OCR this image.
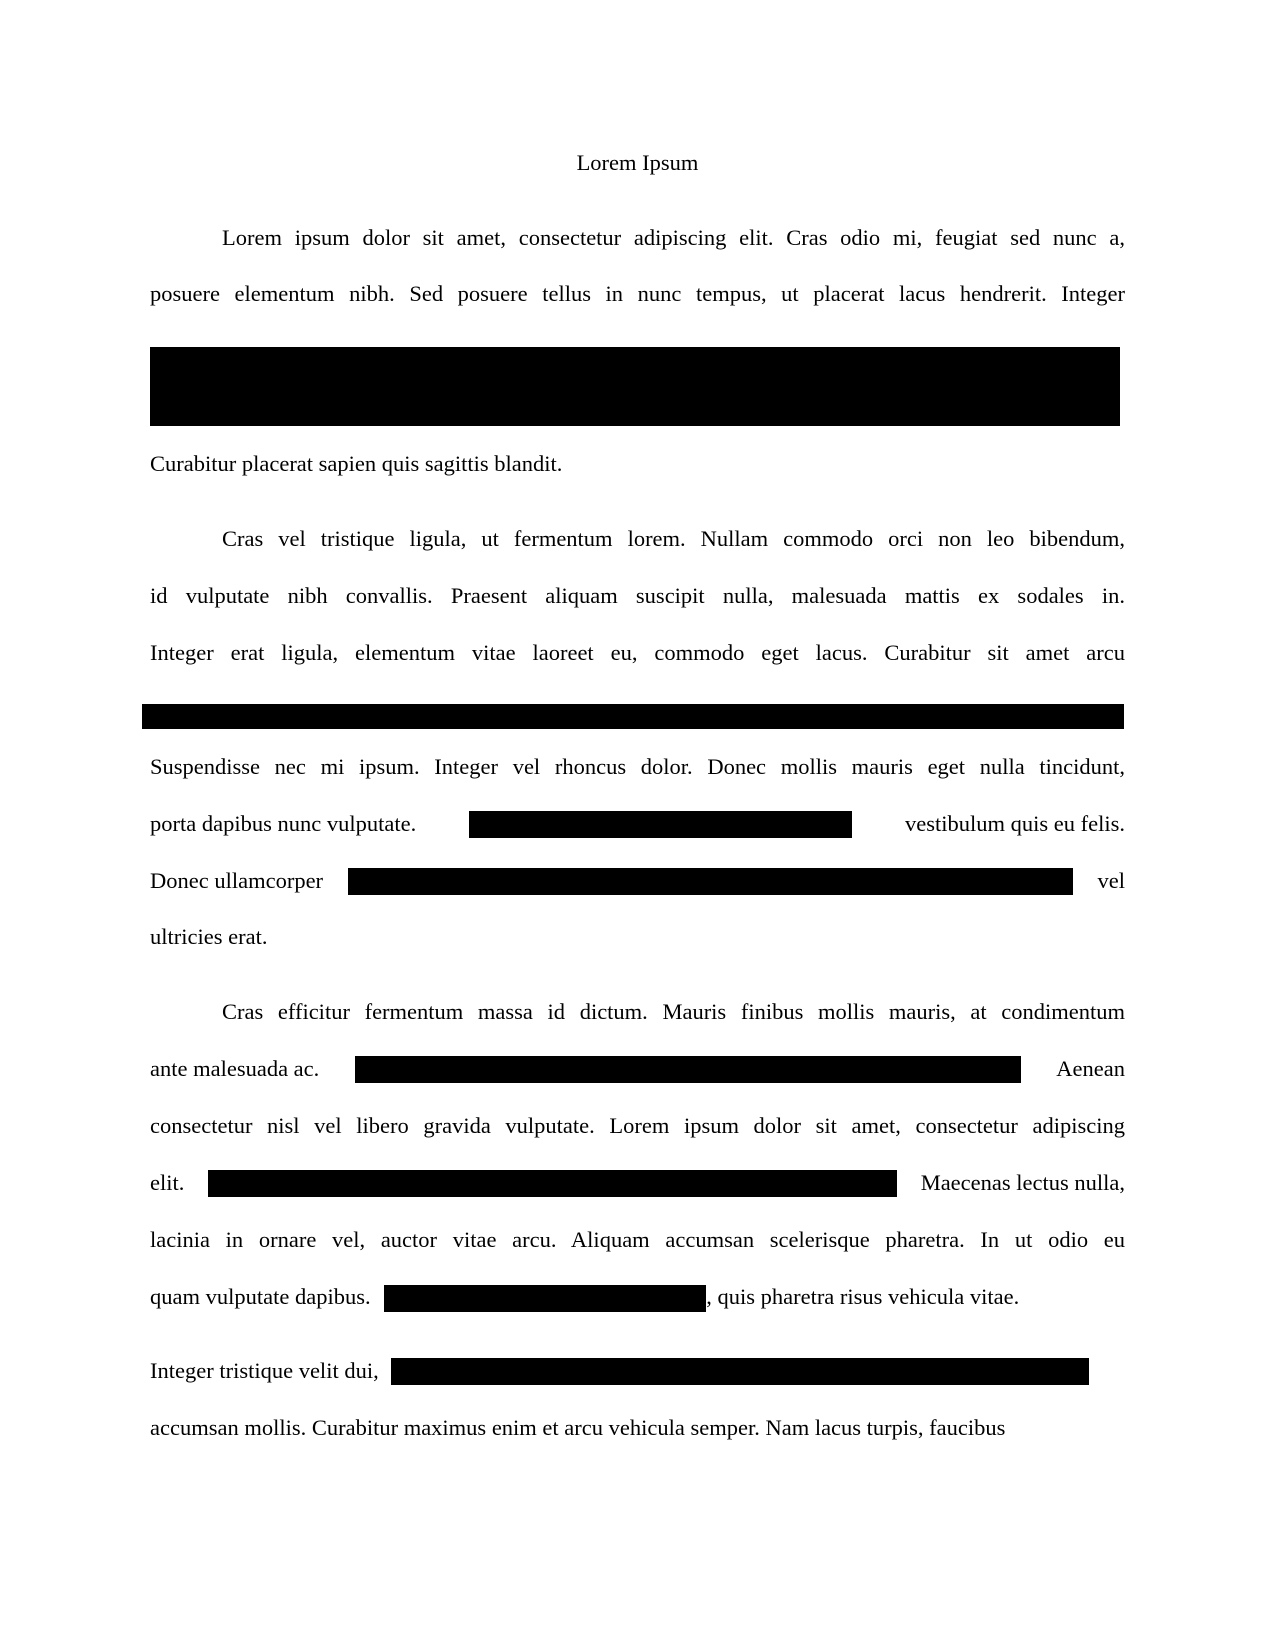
Lorem Ipsum
Lorem ipsum dolor sit amet, consectetur adipiscing elit. Cras odio mi, feugiat sed nunc a,
posuere elementum nibh. Sed posuere tellus in nunc tempus, ut placerat lacus hendrerit. Integer
Curabitur placerat sapien quis sagittis blandit.
Cras vel tristique ligula, ut fermentum lorem. Nullam commodo orci non leo bibendum,
id vulputate nibh convallis. Praesent aliquam suscipit nulla, malesuada mattis ex sodales in.
Integer erat ligula, elementum vitae laoreet eu, commodo eget lacus. Curabitur sit amet arcu
Suspendisse nec mi ipsum. Integer vel rhoncus dolor. Donec mollis mauris eget nulla tincidunt,
porta dapibus nunc vulputate.	vestibulum quis eu felis.
Donec ullamcorper	vel
ultricies erat.
Cras efficitur fermentum massa id dictum. Mauris finibus mollis mauris, at condimentum
ante malesuada ac.	Aenean
consectetur nisl vel libero gravida vulputate. Lorem ipsum dolor sit amet, consectetur adipiscing
elit.	Maecenas lectus nulla,
lacinia in ornare vel, auctor vitae arcu. Aliquam accumsan scelerisque pharetra. In ut odio eu
quam vulputate dapibus.	, quis pharetra risus vehicula vitae.
Integer tristique velit dui,
accumsan mollis. Curabitur maximus enim et arcu vehicula semper. Nam lacus turpis, faucibus
